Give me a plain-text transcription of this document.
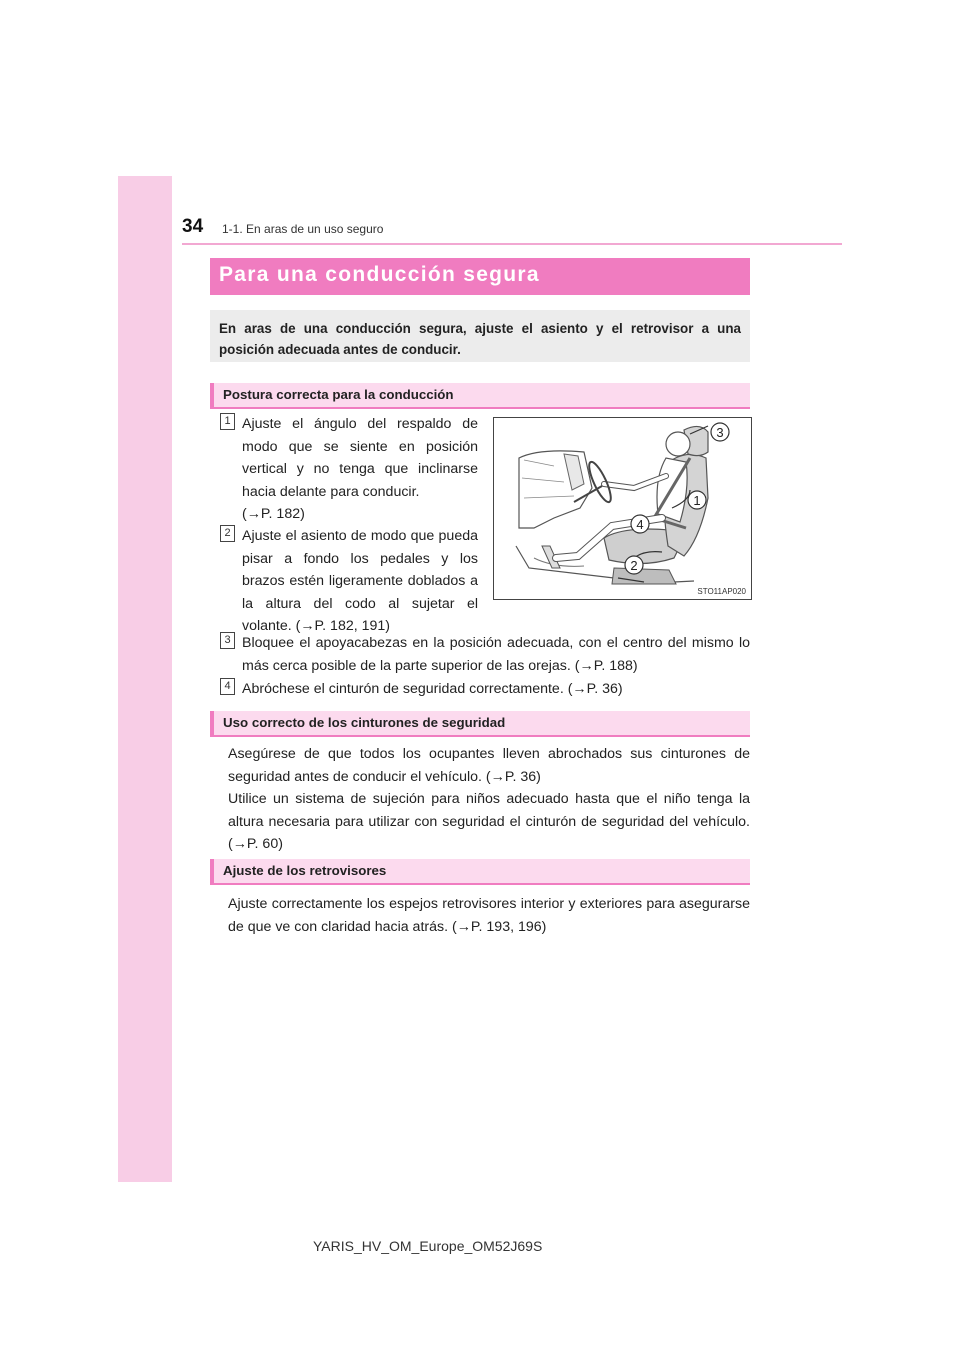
34 1-1. En aras de un uso seguro
Para una conducción segura

En aras de una conducción segura, ajuste el asiento y el retrovisor a una posición adecuada antes de conducir.

Postura correcta para la conducción
1 Ajuste el ángulo del respaldo de modo que se siente en posición vertical y no tenga que inclinarse hacia delante para conducir.
(→P. 182)
2 Ajuste el asiento de modo que pueda pisar a fondo los pedales y los brazos estén ligeramente doblados a la altura del codo al sujetar el volante. (→P. 182, 191)
3
1
4
2
STO11AP020
3 Bloquee el apoyacabezas en la posición adecuada, con el centro del mismo lo más cerca posible de la parte superior de las orejas. (→P. 188)
4 Abróchese el cinturón de seguridad correctamente. (→P. 36)
Uso correcto de los cinturones de seguridad
Asegúrese de que todos los ocupantes lleven abrochados sus cinturones de seguridad antes de conducir el vehículo. (→P. 36)
Utilice un sistema de sujeción para niños adecuado hasta que el niño tenga la altura necesaria para utilizar con seguridad el cinturón de seguridad del vehículo. (→P. 60)
Ajuste de los retrovisores
Ajuste correctamente los espejos retrovisores interior y exteriores para asegurarse de que ve con claridad hacia atrás. (→P. 193, 196)
YARIS_HV_OM_Europe_OM52J69S
